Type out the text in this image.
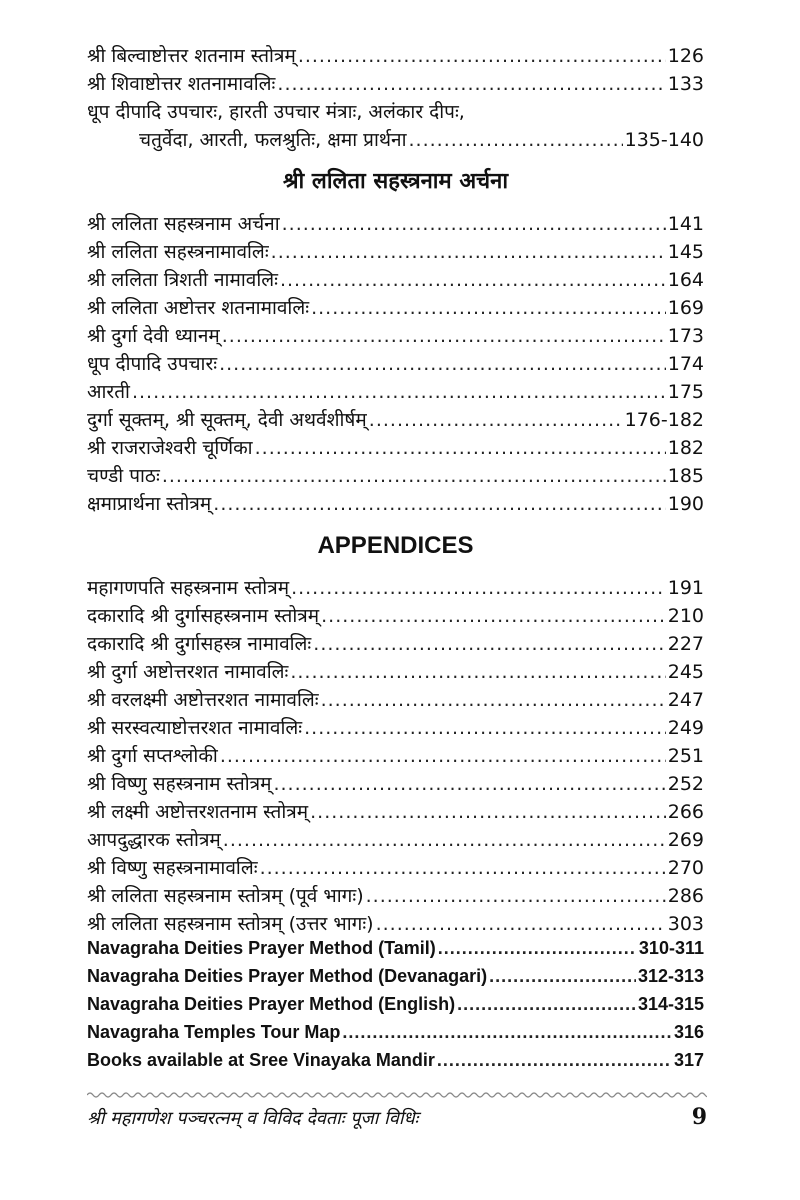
श्री बिल्वाष्टोत्तर शतनाम स्तोत्रम् .....	126
श्री शिवाष्टोत्तर शतनामावलिः .....	133
धूप दीपादि उपचारः, हारती उपचार मंत्राः, अलंकार दीपः,
चतुर्वेदा, आरती, फलश्रुतिः, क्षमा प्रार्थना .....	135-140
श्री ललिता सहस्त्रनाम अर्चना
श्री ललिता सहस्त्रनाम अर्चना .....	141
श्री ललिता सहस्त्रनामावलिः .....	145
श्री ललिता त्रिशती नामावलिः .....	164
श्री ललिता अष्टोत्तर शतनामावलिः .....	169
श्री दुर्गा देवी ध्यानम् .....	173
धूप दीपादि उपचारः .....	174
आरती .....	175
दुर्गा सूक्तम्, श्री सूक्तम्, देवी अथर्वशीर्षम् .....	176-182
श्री राजराजेश्वरी चूर्णिका .....	182
चण्डी पाठः .....	185
क्षमाप्रार्थना स्तोत्रम् .....	190
APPENDICES
महागणपति सहस्त्रनाम स्तोत्रम् .....	191
दकारादि श्री दुर्गासहस्त्रनाम स्तोत्रम् .....	210
दकारादि श्री दुर्गासहस्त्र नामावलिः .....	227
श्री दुर्गा अष्टोत्तरशत नामावलिः .....	245
श्री वरलक्ष्मी अष्टोत्तरशत नामावलिः .....	247
श्री सरस्वत्याष्टोत्तरशत नामावलिः .....	249
श्री दुर्गा सप्तश्लोकी .....	251
श्री विष्णु सहस्त्रनाम स्तोत्रम् .....	252
श्री लक्ष्मी अष्टोत्तरशतनाम स्तोत्रम् .....	266
आपदुद्धारक स्तोत्रम् .....	269
श्री विष्णु सहस्त्रनामावलिः .....	270
श्री ललिता सहस्त्रनाम स्तोत्रम् (पूर्व भागः) .....	286
श्री ललिता सहस्त्रनाम स्तोत्रम् (उत्तर भागः) .....	303
Navagraha Deities Prayer Method (Tamil) .....	310-311
Navagraha Deities Prayer Method (Devanagari) .....	312-313
Navagraha Deities Prayer Method (English) .....	314-315
Navagraha Temples Tour Map .....	316
Books available at Sree Vinayaka Mandir .....	317
श्री महागणेश पञ्चरत्नम् व विविद देवताः पूजा विधिः	9
